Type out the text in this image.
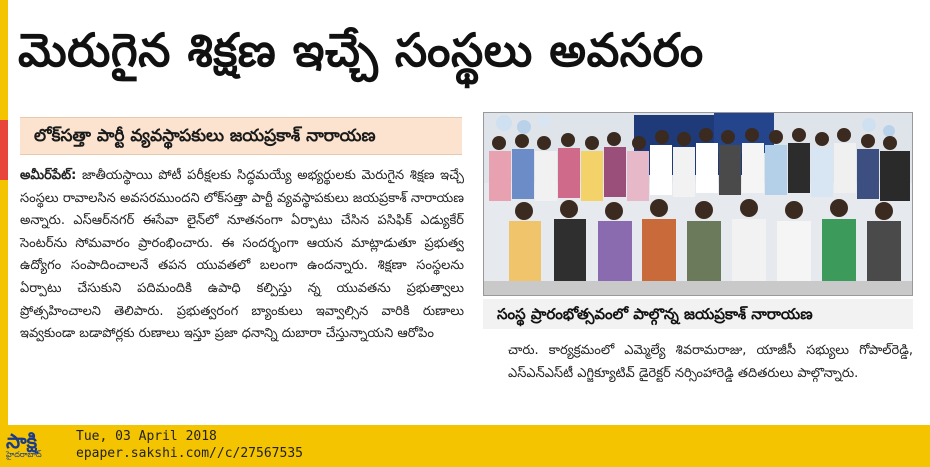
మెరుగైన శిక్షణ ఇచ్చే సంస్థలు అవసరం
లోక్‌సత్తా పార్టీ వ్యవస్థాపకులు జయప్రకాశ్ నారాయణ
అమీర్‌పేట్: జాతీయస్థాయి పోటీ పరీక్షలకు సిద్ధమయ్యే అభ్యర్థులకు మెరుగైన శిక్షణ ఇచ్చే సంస్థలు రావాలసిన అవసరముందని లోక్‌సత్తా పార్టీ వ్యవస్థాపకులు జయప్రకాశ్ నారాయణ అన్నారు. ఎస్‌ఆర్‌నగర్ ఈసేవా లైన్‌లో నూతనంగా ఏర్పాటు చేసిన పసిఫిక్ ఎడ్యుకేర్ సెంటర్‌ను సోమవారం ప్రారంభించారు. ఈ సందర్భంగా ఆయన మాట్లాడుతూ ప్రభుత్వ ఉద్యోగం సంపాదించాలనే తపన యువతలో బలంగా ఉందన్నారు. శిక్షణా సంస్థలను ఏర్పాటు చేసుకుని పదిమందికి ఉపాధి కల్పిస్తు న్న యువతను ప్రభుత్వాలు ప్రోత్సహించాలని తెలిపారు. ప్రభుత్వరంగ బ్యాంకులు ఇవ్వాల్సిన వారికి రుణాలు ఇవ్వకుండా బడాపోర్లకు రుణాలు ఇస్తూ ప్రజా ధనాన్ని దుబారా చేస్తున్నాయని ఆరోపిం
సంస్థ ప్రారంభోత్సవంలో పాల్గొన్న జయప్రకాశ్ నారాయణ
చారు. కార్యక్రమంలో ఎమ్మెల్యే శివరామరాజు, యాజీసీ సభ్యులు గోపాల్‌రెడ్డి, ఎస్‌ఎన్‌ఎస్‌టీ ఎగ్జిక్యూటివ్ డైరెక్టర్ నర్సింహారెడ్డి తదితరులు పాల్గొన్నారు.
సాక్షి
హైదరాబాద్
Tue, 03 April 2018
epaper.sakshi.com//c/27567535
